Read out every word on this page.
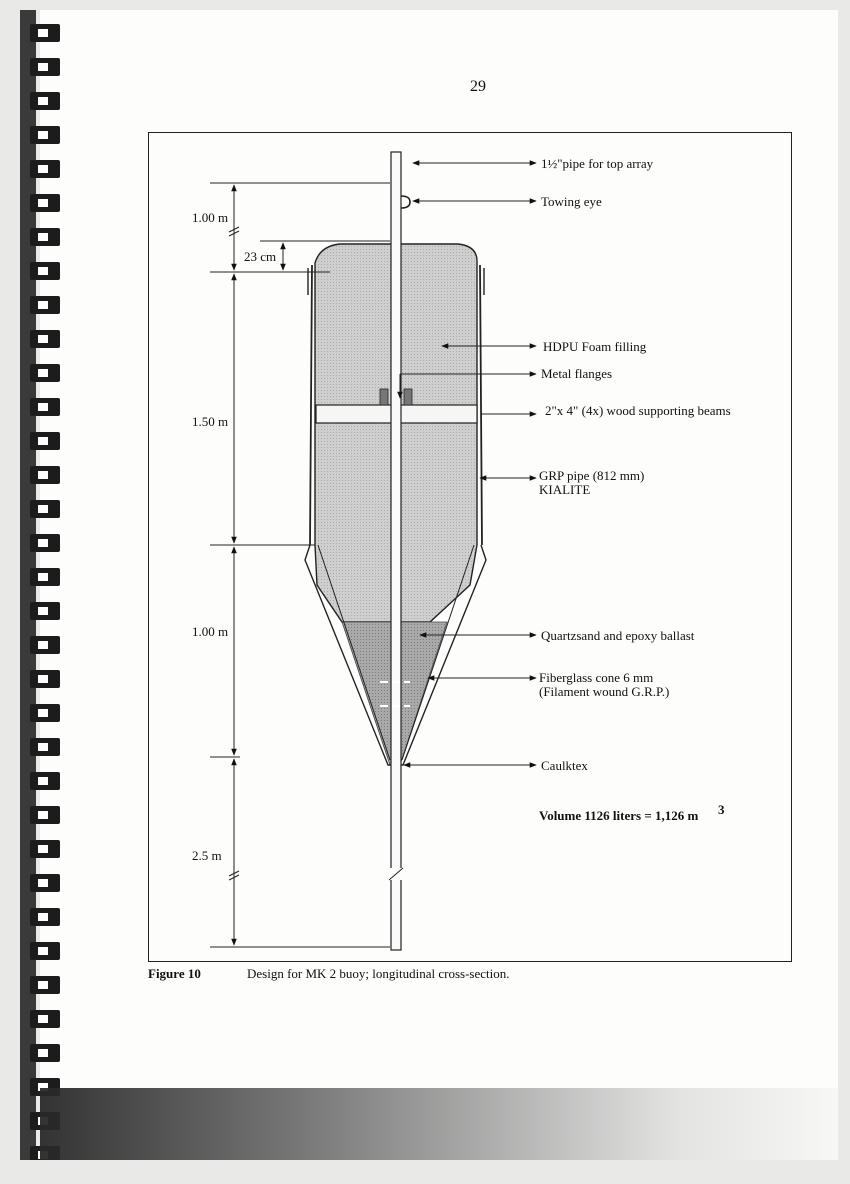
29
1.00 m
23 cm
1.50 m
1.00 m
2.5 m
1½"pipe for top array
Towing eye
HDPU Foam filling
Metal flanges
2"x 4" (4x) wood supporting beams
GRP pipe (812 mm)
KIALITE
Quartzsand and epoxy ballast
Fiberglass cone 6 mm
(Filament wound G.R.P.)
Caulktex
Volume 1126 liters = 1,126 m 3
Figure 10	Design for MK 2 buoy; longitudinal cross-section.
